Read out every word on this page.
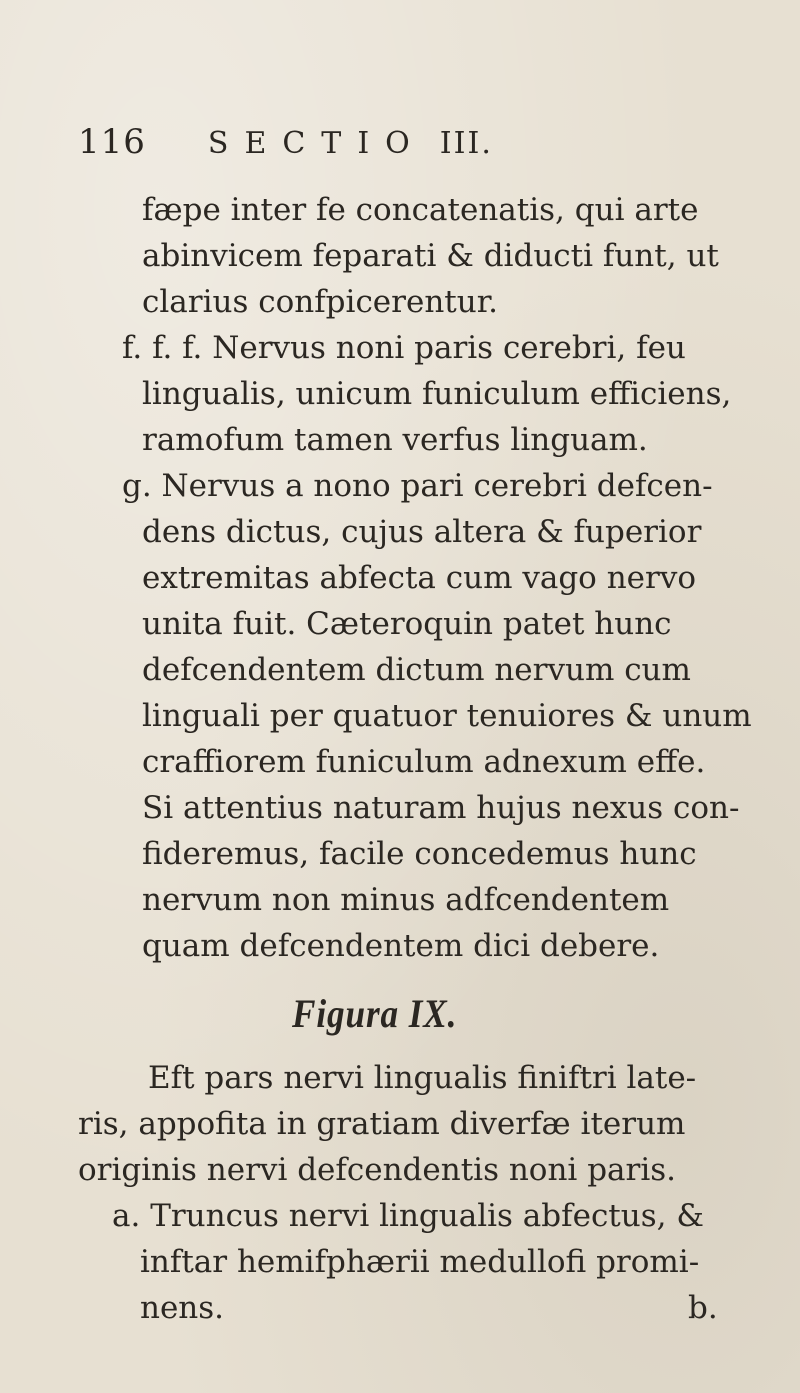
116 SECTIO III.
fæpe inter fe concatenatis, qui arte
abinvicem feparati & diducti funt, ut
clarius confpicerentur.
f. f. f. Nervus noni paris cerebri, feu
lingualis, unicum funiculum efficiens,
ramofum tamen verfus linguam.
g. Nervus a nono pari cerebri defcen-
dens dictus, cujus altera & fuperior
extremitas abfecta cum vago nervo
unita fuit. Cæteroquin patet hunc
defcendentem dictum nervum cum
linguali per quatuor tenuiores & unum
craffiorem funiculum adnexum effe.
Si attentius naturam hujus nexus con-
fideremus, facile concedemus hunc
nervum non minus adfcendentem
quam defcendentem dici debere.
Figura IX.
Eft pars nervi lingualis finiftri late-
ris, appofita in gratiam diverfæ iterum
originis nervi defcendentis noni paris.
a. Truncus nervi lingualis abfectus, &
inftar hemifphærii medullofi promi-
nens.	b.
